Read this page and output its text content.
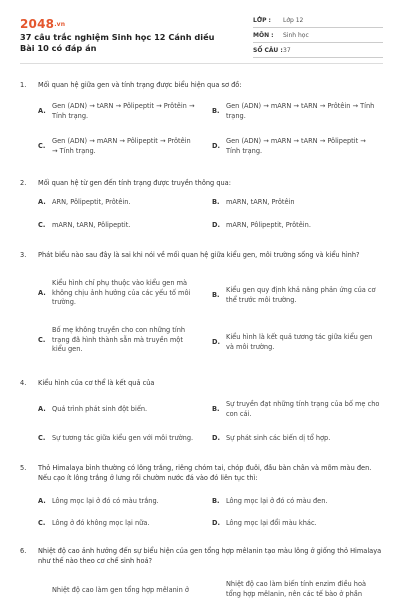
2048.vn
37 câu trắc nghiệm Sinh học 12 Cánh diều Bài 10 có đáp án
LỚP : Lớp 12
MÔN : Sinh học
SỐ CÂU : 37
1. Mối quan hệ giữa gen và tính trạng được biểu hiện qua sơ đồ:
A.
Gen (ADN) → tARN → Pôlipeptit → Prôtêin → Tính trạng.
B.
Gen (ADN) → mARN → tARN → Prôtêin → Tính trạng.
C.
Gen (ADN) → mARN → Pôlipeptit → Prôtêin → Tính trạng.
D.
Gen (ADN) → mARN → tARN → Pôlipeptit → Tính trạng.
2. Mối quan hệ từ gen đến tính trạng được truyền thông qua:
A. ARN, Pôlipeptit, Prôtêin.	B. mARN, tARN, Prôtêin
C.	mARN, tARN, Pôlipeptit.	D. mARN, Pôlipeptit, Prôtêin.
3. Phát biểu nào sau đây là sai khi nói về mối quan hệ giữa kiểu gen, môi trường sống và kiểu hình?
A.
Kiểu hình chỉ phụ thuộc vào kiểu gen mà không chịu ảnh hưởng của các yếu tố môi trường.
B.
Kiểu gen quy định khả năng phản ứng của cơ thể trước môi trường.
C.
Bố mẹ không truyền cho con những tính trạng đã hình thành sẵn mà truyền một kiểu gen.
D.
Kiểu hình là kết quả tương tác giữa kiểu gen và môi trường.
4. Kiểu hình của cơ thể là kết quả của
A. Quá trình phát sinh đột biến.	B.
Sự truyền đạt những tính trạng của bố mẹ cho con cái.
C.	Sự tương tác giữa kiểu gen với môi trường.	D. Sự phát sinh các biến dị tổ hợp.
5. Thỏ Himalaya bình thường có lông trắng, riêng chóm tai, chóp đuôi, đầu bàn chân và mõm màu đen. Nếu cạo ít lông trắng ở lưng rồi chườm nước đá vào đó liên tục thì:
A. Lông mọc lại ở đó có màu trắng.	B. Lông mọc lại ở đó có màu đen.
C.	Lông ở đó không mọc lại nữa.	D. Lông mọc lại đổi màu khác.
6. Nhiệt độ cao ảnh hưởng đến sự biểu hiện của gen tổng hợp mêlanin tạo màu lông ở giống thỏ Himalaya như thế nào theo cơ chế sinh hoá?
Nhiệt độ cao làm gen tổng hợp mêlanin ở
Nhiệt độ cao làm biến tính enzim điều hoà tổng hợp mêlanin, nên các tế bào ở phần
